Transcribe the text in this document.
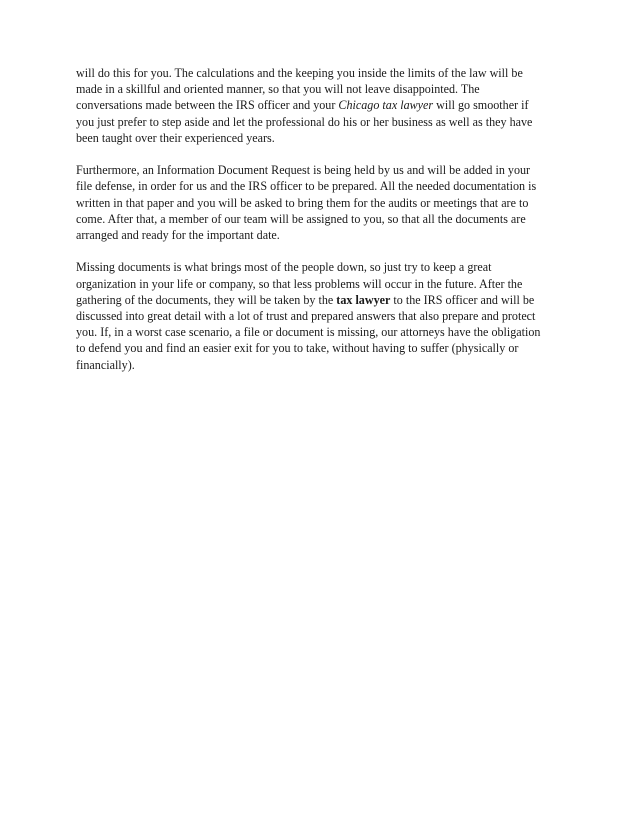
will do this for you. The calculations and the keeping you inside the limits of the law will be
made in a skillful and oriented manner, so that you will not leave disappointed. The
conversations made between the IRS officer and your Chicago tax lawyer will go smoother if
you just prefer to step aside and let the professional do his or her business as well as they have
been taught over their experienced years.

Furthermore, an Information Document Request is being held by us and will be added in your
file defense, in order for us and the IRS officer to be prepared. All the needed documentation is
written in that paper and you will be asked to bring them for the audits or meetings that are to
come. After that, a member of our team will be assigned to you, so that all the documents are
arranged and ready for the important date.

Missing documents is what brings most of the people down, so just try to keep a great
organization in your life or company, so that less problems will occur in the future. After the
gathering of the documents, they will be taken by the tax lawyer to the IRS officer and will be
discussed into great detail with a lot of trust and prepared answers that also prepare and protect
you. If, in a worst case scenario, a file or document is missing, our attorneys have the obligation
to defend you and find an easier exit for you to take, without having to suffer (physically or
financially).
